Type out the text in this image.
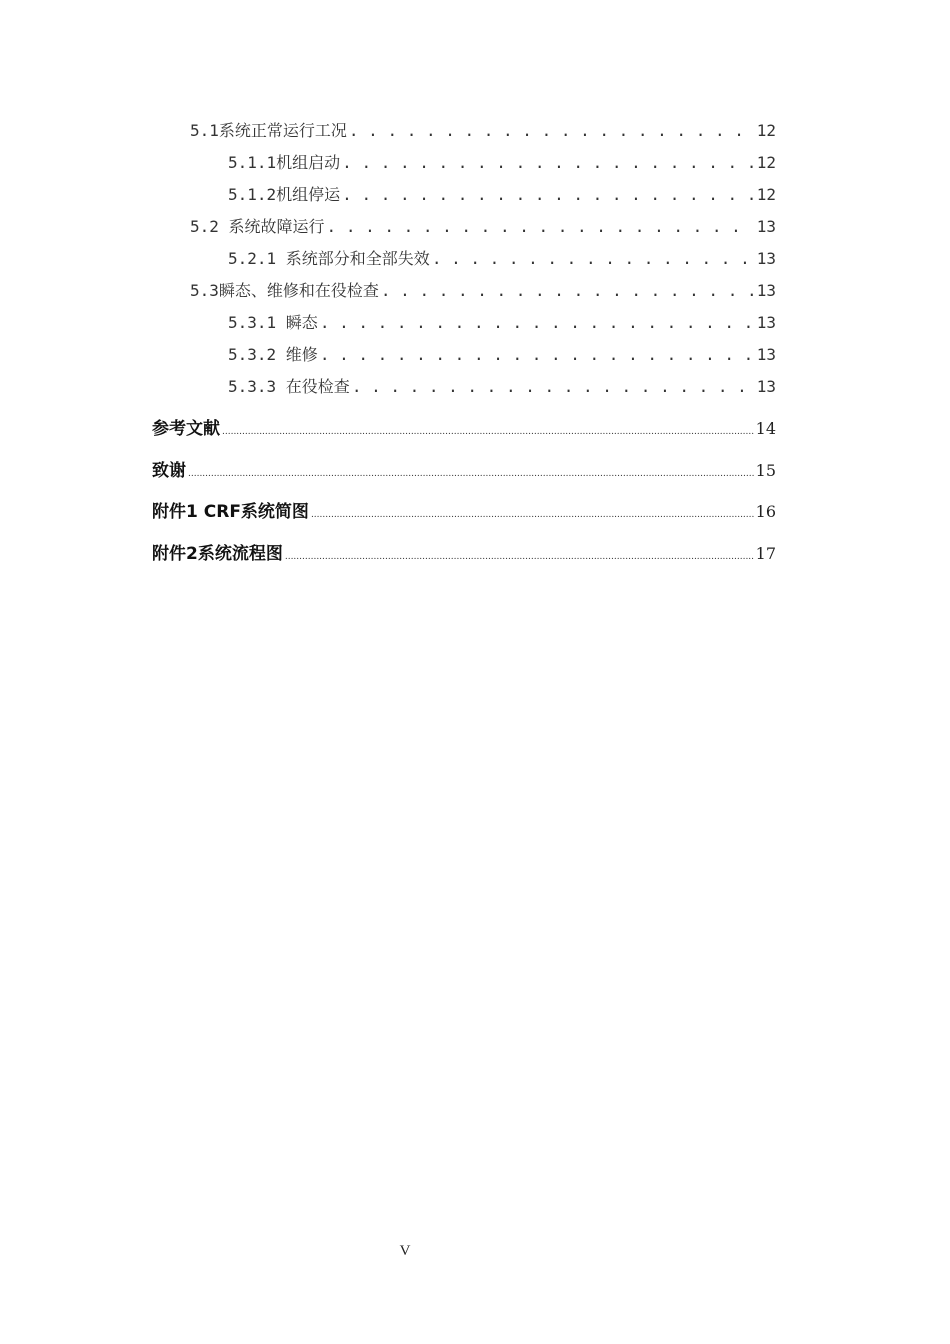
5.1系统正常运行工况 . . .	12
5.1.1机组启动 . . .	12
5.1.2机组停运 . . .	12
5.2 系统故障运行 . . .	13
5.2.1 系统部分和全部失效 . . .	13
5.3瞬态、维修和在役检查 . . .	13
5.3.1 瞬态 . . .	13
5.3.2 维修 . . .	13
5.3.3 在役检查 . . .	13
参考文献 .....	14
致谢 .....	15
附件1 CRF系统简图 .....	16
附件2系统流程图 .....	17
V
